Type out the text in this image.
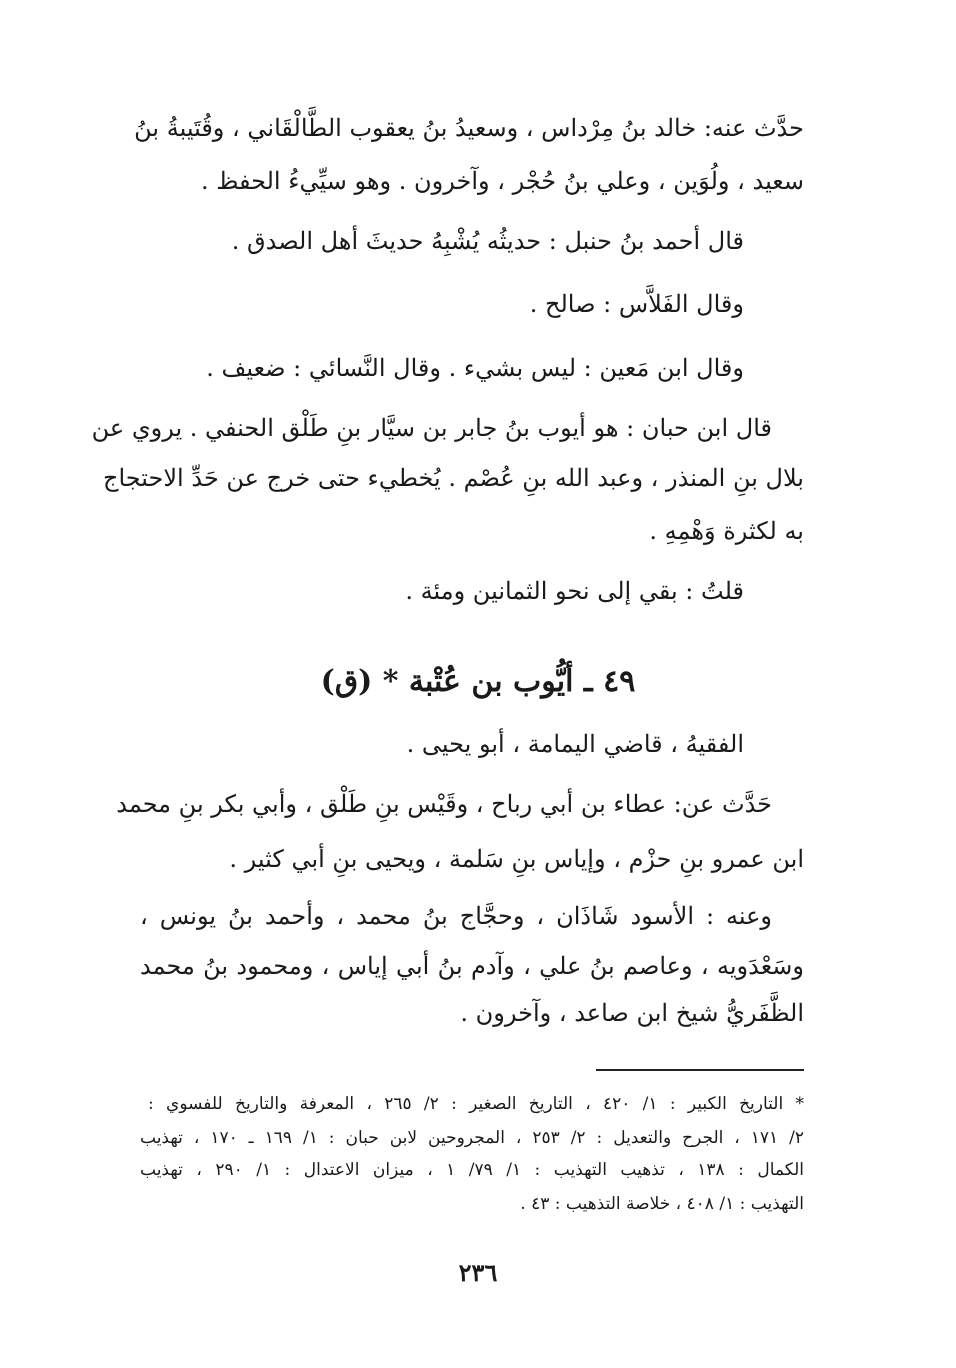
حدَّث عنه: خالد بنُ مِرْداس ، وسعيدُ بنُ يعقوب الطَّالْقَاني ، وقُتَيبةُ بنُ
سعيد ، ولُوَين ، وعلي بنُ حُجْر ، وآخرون . وهو سيِّيءُ الحفظ .
قال أحمد بنُ حنبل : حديثُه يُشْبِهُ حديثَ أهل الصدق .
وقال الفَلاَّس : صالح .
وقال ابن مَعين : ليس بشيء . وقال النَّسائي : ضعيف .
قال ابن حبان : هو أيوب بنُ جابر بن سيَّار بنِ طَلْق الحنفي . يروي عن
بلال بنِ المنذر ، وعبد الله بنِ عُصْم . يُخطيء حتى خرج عن حَدِّ الاحتجاج
به لكثرة وَهْمِهِ .
قلتُ : بقي إلى نحو الثمانين ومئة .
٤٩ ـ أيُّوب بن عُتْبة * (ق)
الفقيهُ ، قاضي اليمامة ، أبو يحيى .
حَدَّث عن: عطاء بن أبي رباح ، وقَيْس بنِ طَلْق ، وأبي بكر بنِ محمد
ابن عمرو بنِ حزْم ، وإياس بنِ سَلمة ، ويحيى بنِ أبي كثير .
وعنه : الأسود شَاذَان ، وحجَّاج بنُ محمد ، وأحمد بنُ يونس ،
وسَعْدَويه ، وعاصم بنُ علي ، وآدم بنُ أبي إياس ، ومحمود بنُ محمد
الظَّفَريُّ شيخ ابن صاعد ، وآخرون .
* التاريخ الكبير : ١/ ٤٢٠ ، التاريخ الصغير : ٢/ ٢٦٥ ، المعرفة والتاريخ للفسوي :
٢/ ١٧١ ، الجرح والتعديل : ٢/ ٢٥٣ ، المجروحين لابن حبان : ١/ ١٦٩ ـ ١٧٠ ، تهذيب
الكمال : ١٣٨ ، تذهيب التهذيب : ١/ ٧٩/ ١ ، ميزان الاعتدال : ١/ ٢٩٠ ، تهذيب
التهذيب : ١/ ٤٠٨ ، خلاصة التذهيب : ٤٣ .
٢٣٦
